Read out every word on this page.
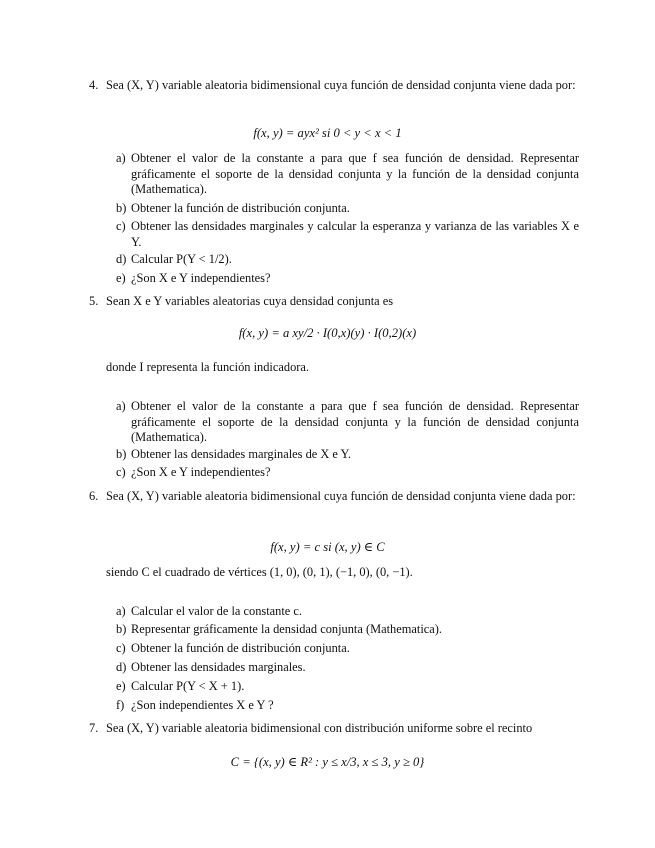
4. Sea (X, Y) variable aleatoria bidimensional cuya función de densidad conjunta viene dada por:

f(x, y) = ayx² si 0 < y < x < 1
a) Obtener el valor de la constante a para que f sea función de densidad. Representar gráficamente el soporte de la densidad conjunta y la función de la densidad conjunta (Mathematica).

b) Obtener la función de distribución conjunta.

c) Obtener las densidades marginales y calcular la esperanza y varianza de las variables X e Y.

d) Calcular P(Y < 1/2).

e) ¿Son X e Y independientes?

5. Sean X e Y variables aleatorias cuya densidad conjunta es

f(x, y) = a xy/2 · I(0,x)(y) · I(0,2)(x)

donde I representa la función indicadora.

a) Obtener el valor de la constante a para que f sea función de densidad. Representar gráficamente el soporte de la densidad conjunta y la función de densidad conjunta (Mathematica).

b) Obtener las densidades marginales de X e Y.

c) ¿Son X e Y independientes?

6. Sea (X, Y) variable aleatoria bidimensional cuya función de densidad conjunta viene dada por:

f(x, y) = c si (x, y) ∈ C

siendo C el cuadrado de vértices (1, 0), (0, 1), (−1, 0), (0, −1).

a) Calcular el valor de la constante c.

b) Representar gráficamente la densidad conjunta (Mathematica).

c) Obtener la función de distribución conjunta.

d) Obtener las densidades marginales.

e) Calcular P(Y < X + 1).

f) ¿Son independientes X e Y ?

7. Sea (X, Y) variable aleatoria bidimensional con distribución uniforme sobre el recinto

C = {(x, y) ∈ R² : y ≤ x/3, x ≤ 3, y ≥ 0}
